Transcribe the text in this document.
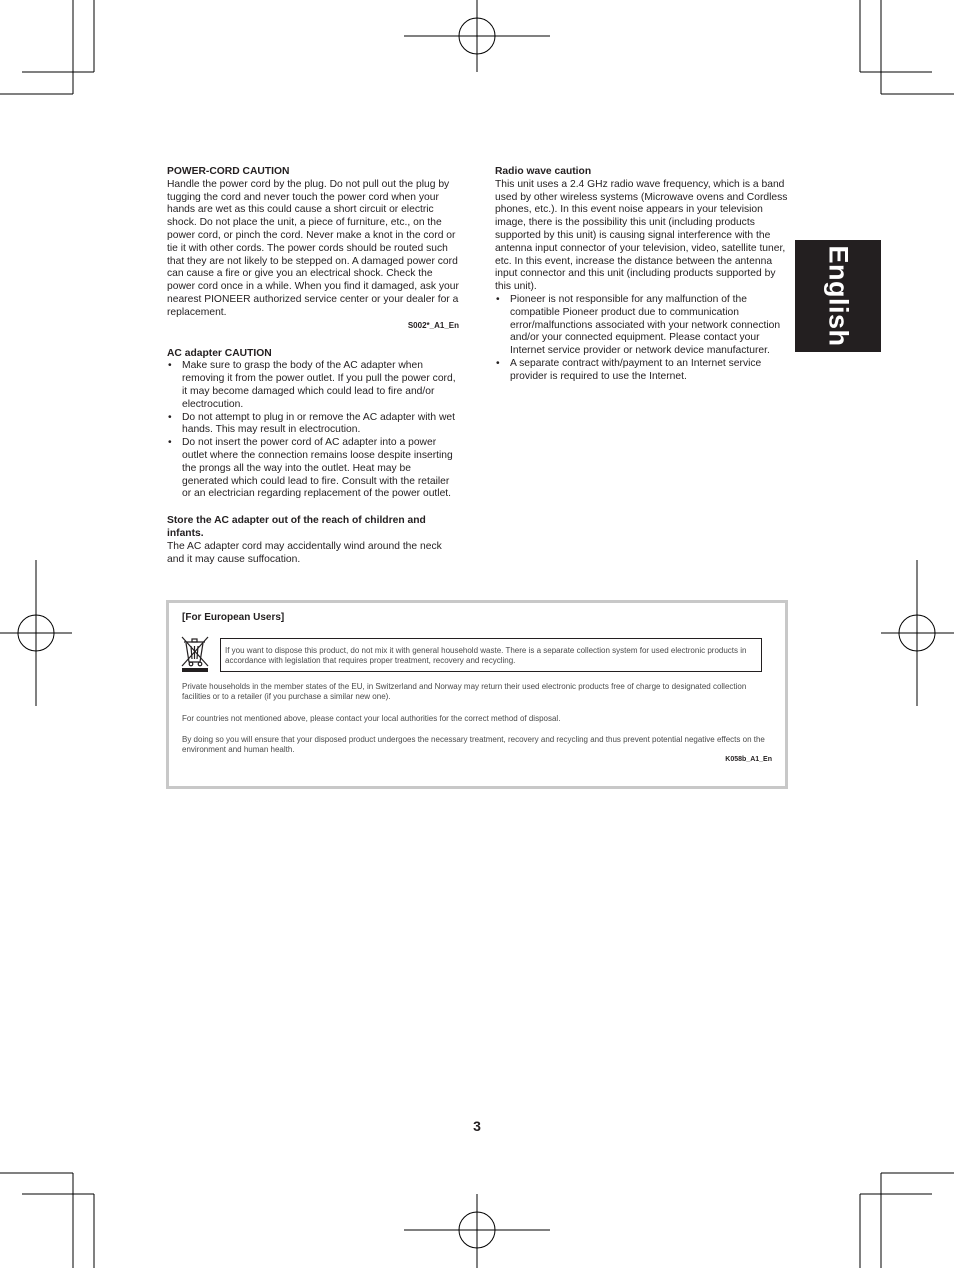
POWER-CORD CAUTION

Handle the power cord by the plug. Do not pull out the plug by tugging the cord and never touch the power cord when your hands are wet as this could cause a short circuit or electric shock. Do not place the unit, a piece of furniture, etc., on the power cord, or pinch the cord. Never make a knot in the cord or tie it with other cords. The power cords should be routed such that they are not likely to be stepped on. A damaged power cord can cause a fire or give you an electrical shock. Check the power cord once in a while. When you find it damaged, ask your nearest PIONEER authorized service center or your dealer for a replacement.

S002*_A1_En

AC adapter CAUTION

• Make sure to grasp the body of the AC adapter when removing it from the power outlet. If you pull the power cord, it may become damaged which could lead to fire and/or electrocution.
• Do not attempt to plug in or remove the AC adapter with wet hands. This may result in electrocution.
• Do not insert the power cord of AC adapter into a power outlet where the connection remains loose despite inserting the prongs all the way into the outlet. Heat may be generated which could lead to fire. Consult with the retailer or an electrician regarding replacement of the power outlet.

Store the AC adapter out of the reach of children and infants.

The AC adapter cord may accidentally wind around the neck and it may cause suffocation.

Radio wave caution

This unit uses a 2.4 GHz radio wave frequency, which is a band used by other wireless systems (Microwave ovens and Cordless phones, etc.). In this event noise appears in your television image, there is the possibility this unit (including products supported by this unit) is causing signal interference with the antenna input connector of your television, video, satellite tuner, etc. In this event, increase the distance between the antenna input connector and this unit (including products supported by this unit).

• Pioneer is not responsible for any malfunction of the compatible Pioneer product due to communication error/malfunctions associated with your network connection and/or your connected equipment. Please contact your Internet service provider or network device manufacturer.
• A separate contract with/payment to an Internet service provider is required to use the Internet.
English
[For European Users]
If you want to dispose this product, do not mix it with general household waste. There is a separate collection system for used electronic products in accordance with legislation that requires proper treatment, recovery and recycling.

Private households in the member states of the EU, in Switzerland and Norway may return their used electronic products free of charge to designated collection facilities or to a retailer (if you purchase a similar new one).

For countries not mentioned above, please contact your local authorities for the correct method of disposal.

By doing so you will ensure that your disposed product undergoes the necessary treatment, recovery and recycling and thus prevent potential negative effects on the environment and human health.

K058b_A1_En
3
